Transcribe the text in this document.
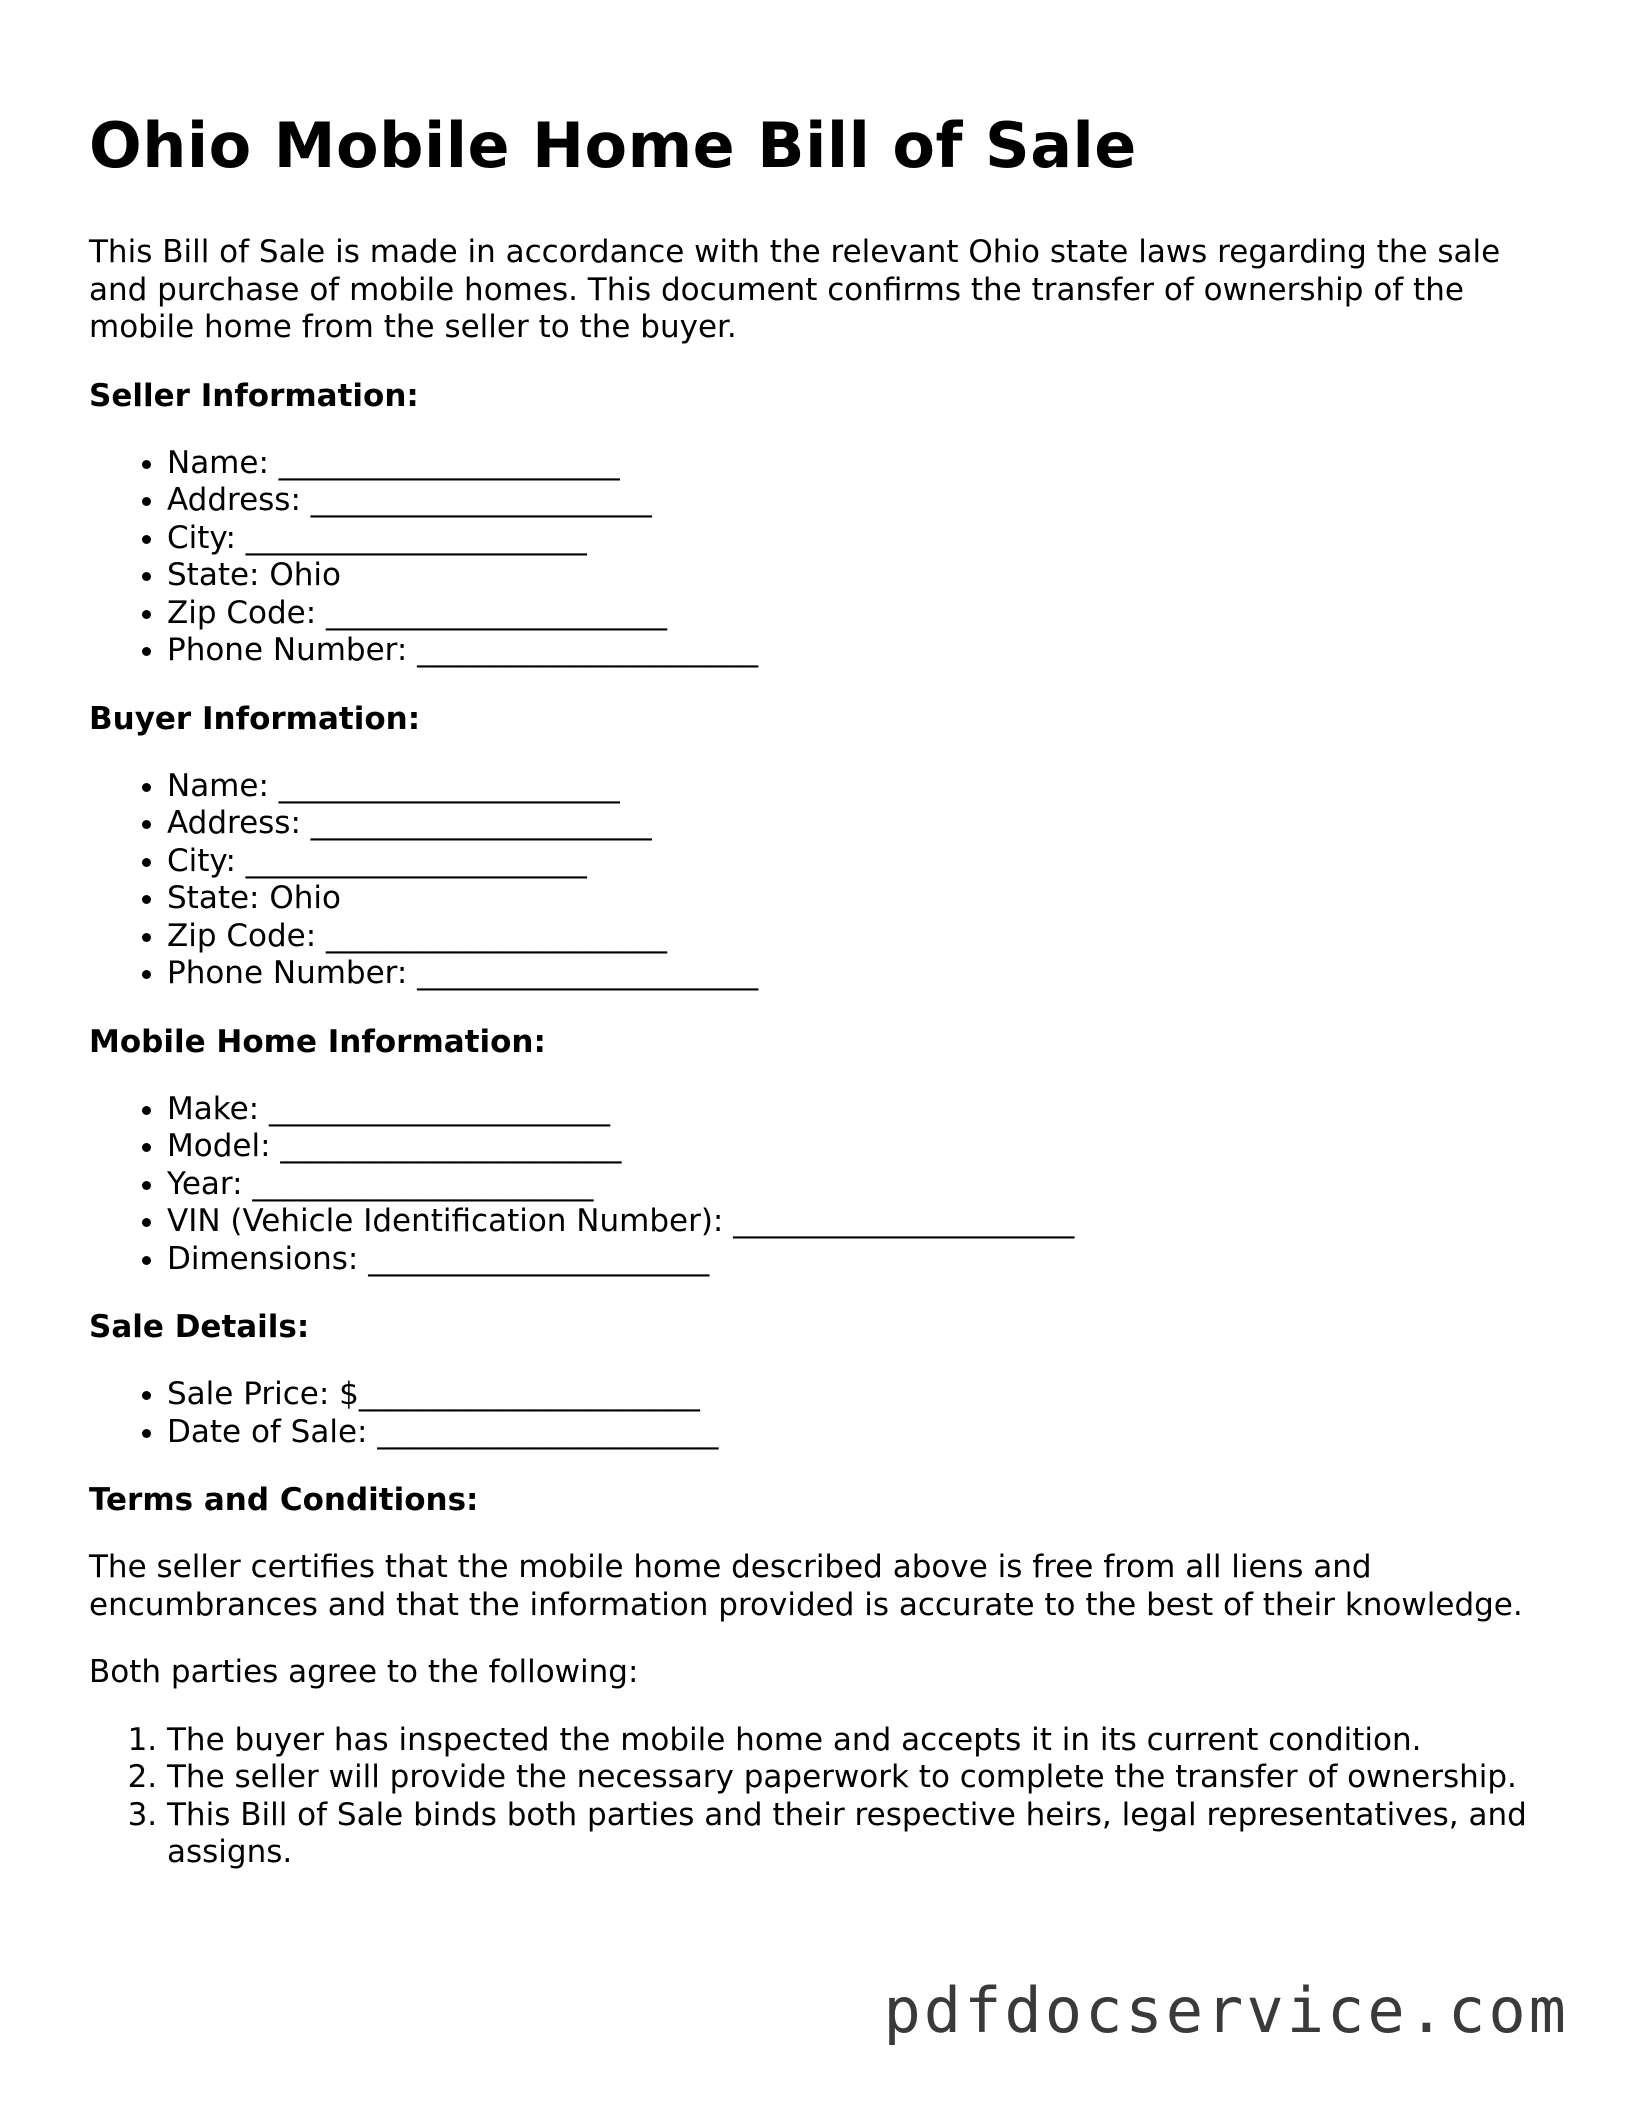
Ohio Mobile Home Bill of Sale

This Bill of Sale is made in accordance with the relevant Ohio state laws regarding the sale and purchase of mobile homes. This document confirms the transfer of ownership of the mobile home from the seller to the buyer.

Seller Information:
• Name: ______________________
• Address: ______________________
• City: ______________________
• State: Ohio
• Zip Code: ______________________
• Phone Number: ______________________
Buyer Information:
• Name: ______________________
• Address: ______________________
• City: ______________________
• State: Ohio
• Zip Code: ______________________
• Phone Number: ______________________
Mobile Home Information:
• Make: ______________________
• Model: ______________________
• Year: ______________________
• VIN (Vehicle Identification Number): ______________________
• Dimensions: ______________________
Sale Details:
• Sale Price: $______________________
• Date of Sale: ______________________
Terms and Conditions:

The seller certifies that the mobile home described above is free from all liens and encumbrances and that the information provided is accurate to the best of their knowledge.

Both parties agree to the following:

1. The buyer has inspected the mobile home and accepts it in its current condition.
2. The seller will provide the necessary paperwork to complete the transfer of ownership.
3. This Bill of Sale binds both parties and their respective heirs, legal representatives, and assigns.
pdfdocservice.com
